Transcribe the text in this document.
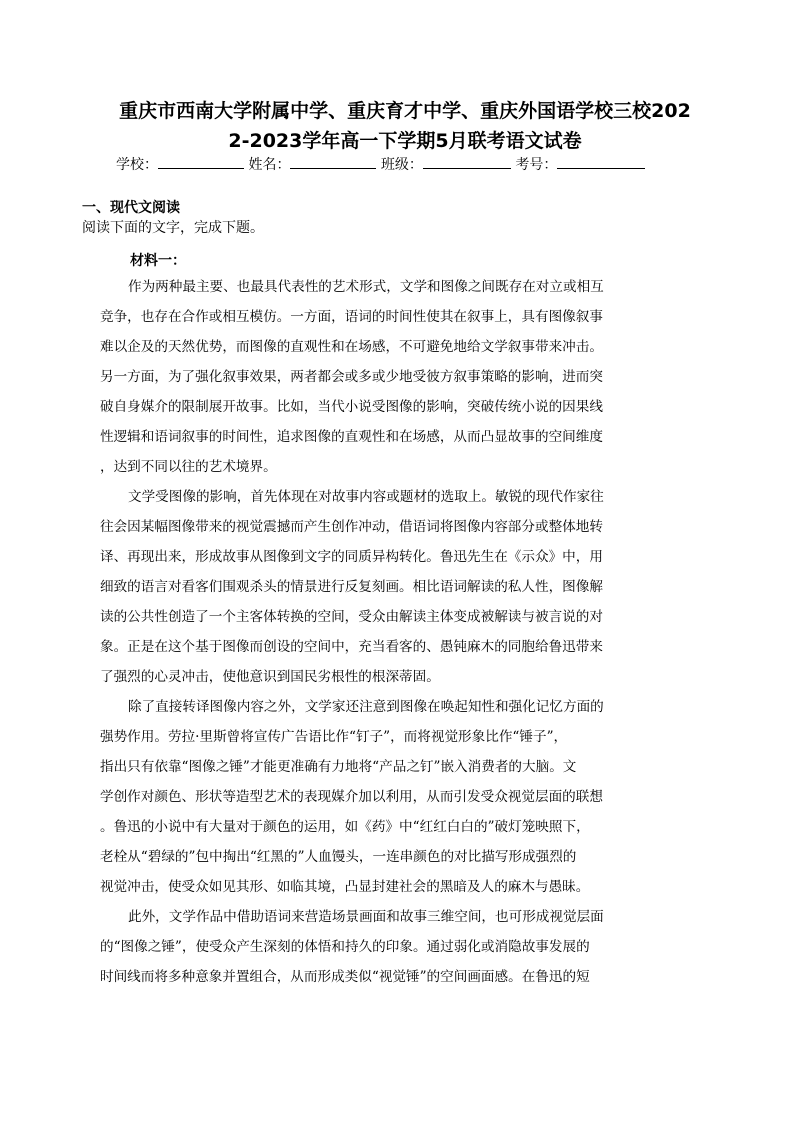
重庆市西南大学附属中学、重庆育才中学、重庆外国语学校三校202
2-2023学年高一下学期5月联考语文试卷
学校：	姓名：	班级：	考号：
一、现代文阅读
阅读下面的文字，完成下题。
材料一：
作为两种最主要、也最具代表性的艺术形式，文学和图像之间既存在对立或相互
竞争，也存在合作或相互模仿。一方面，语词的时间性使其在叙事上，具有图像叙事
难以企及的天然优势，而图像的直观性和在场感，不可避免地给文学叙事带来冲击。
另一方面，为了强化叙事效果，两者都会或多或少地受彼方叙事策略的影响，进而突
破自身媒介的限制展开故事。比如，当代小说受图像的影响，突破传统小说的因果线
性逻辑和语词叙事的时间性，追求图像的直观性和在场感，从而凸显故事的空间维度
，达到不同以往的艺术境界。
文学受图像的影响，首先体现在对故事内容或题材的选取上。敏锐的现代作家往
往会因某幅图像带来的视觉震撼而产生创作冲动，借语词将图像内容部分或整体地转
译、再现出来，形成故事从图像到文字的同质异构转化。鲁迅先生在《示众》中，用
细致的语言对看客们围观杀头的情景进行反复刻画。相比语词解读的私人性，图像解
读的公共性创造了一个主客体转换的空间，受众由解读主体变成被解读与被言说的对
象。正是在这个基于图像而创设的空间中，充当看客的、愚钝麻木的同胞给鲁迅带来
了强烈的心灵冲击，使他意识到国民劣根性的根深蒂固。
除了直接转译图像内容之外，文学家还注意到图像在唤起知性和强化记忆方面的
强势作用。劳拉·里斯曾将宣传广告语比作“钉子”，而将视觉形象比作“锤子”，
指出只有依靠“图像之锤”才能更准确有力地将“产品之钉”嵌入消费者的大脑。文
学创作对颜色、形状等造型艺术的表现媒介加以利用，从而引发受众视觉层面的联想
。鲁迅的小说中有大量对于颜色的运用，如《药》中“红红白白的”破灯笼映照下，
老栓从“碧绿的”包中掏出“红黑的”人血馒头，一连串颜色的对比描写形成强烈的
视觉冲击，使受众如见其形、如临其境，凸显封建社会的黑暗及人的麻木与愚昧。
此外，文学作品中借助语词来营造场景画面和故事三维空间，也可形成视觉层面
的“图像之锤”，使受众产生深刻的体悟和持久的印象。通过弱化或消隐故事发展的
时间线而将多种意象并置组合，从而形成类似“视觉锤”的空间画面感。在鲁迅的短
